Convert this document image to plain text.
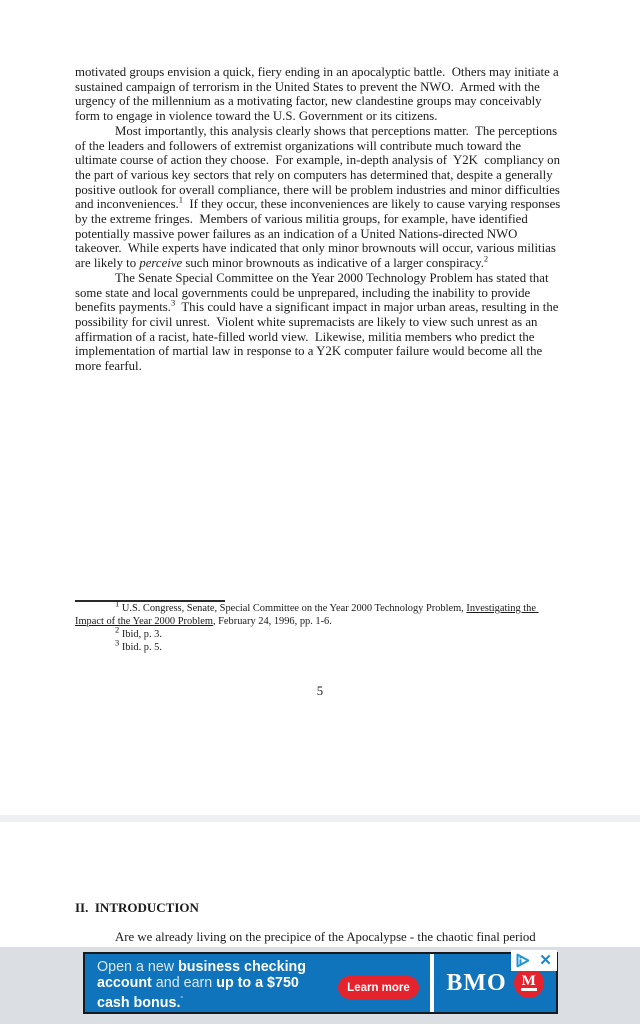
motivated groups envision a quick, fiery ending in an apocalyptic battle.  Others may initiate a sustained campaign of terrorism in the United States to prevent the NWO.  Armed with the urgency of the millennium as a motivating factor, new clandestine groups may conceivably form to engage in violence toward the U.S. Government or its citizens.

Most importantly, this analysis clearly shows that perceptions matter.  The perceptions of the leaders and followers of extremist organizations will contribute much toward the ultimate course of action they choose.  For example, in-depth analysis of  Y2K  compliancy on the part of various key sectors that rely on computers has determined that, despite a generally positive outlook for overall compliance, there will be problem industries and minor difficulties and inconveniences.$^1$  If they occur, these inconveniences are likely to cause varying responses by the extreme fringes.  Members of various militia groups, for example, have identified potentially massive power failures as an indication of a United Nations-directed NWO takeover.  While experts have indicated that only minor brownouts will occur, various militias are likely to perceive such minor brownouts as indicative of a larger conspiracy.$^2$

The Senate Special Committee on the Year 2000 Technology Problem has stated that some state and local governments could be unprepared, including the inability to provide benefits payments.$^3$  This could have a significant impact in major urban areas, resulting in the possibility for civil unrest.  Violent white supremacists are likely to view such unrest as an affirmation of a racist, hate-filled world view.  Likewise, militia members who predict the implementation of martial law in response to a Y2K computer failure would become all the more fearful.

$^1$ U.S. Congress, Senate, Special Committee on the Year 2000 Technology Problem, Investigating the Impact of the Year 2000 Problem, February 24, 1996, pp. 1-6.

$^2$ Ibid, p. 3.

$^3$ Ibid. p. 5.

5

II.  INTRODUCTION

Are we already living on the precipice of the Apocalypse - the chaotic final period

Open a new business checking account and earn up to a $750 cash bonus.°
Learn more	BMO M
✕
